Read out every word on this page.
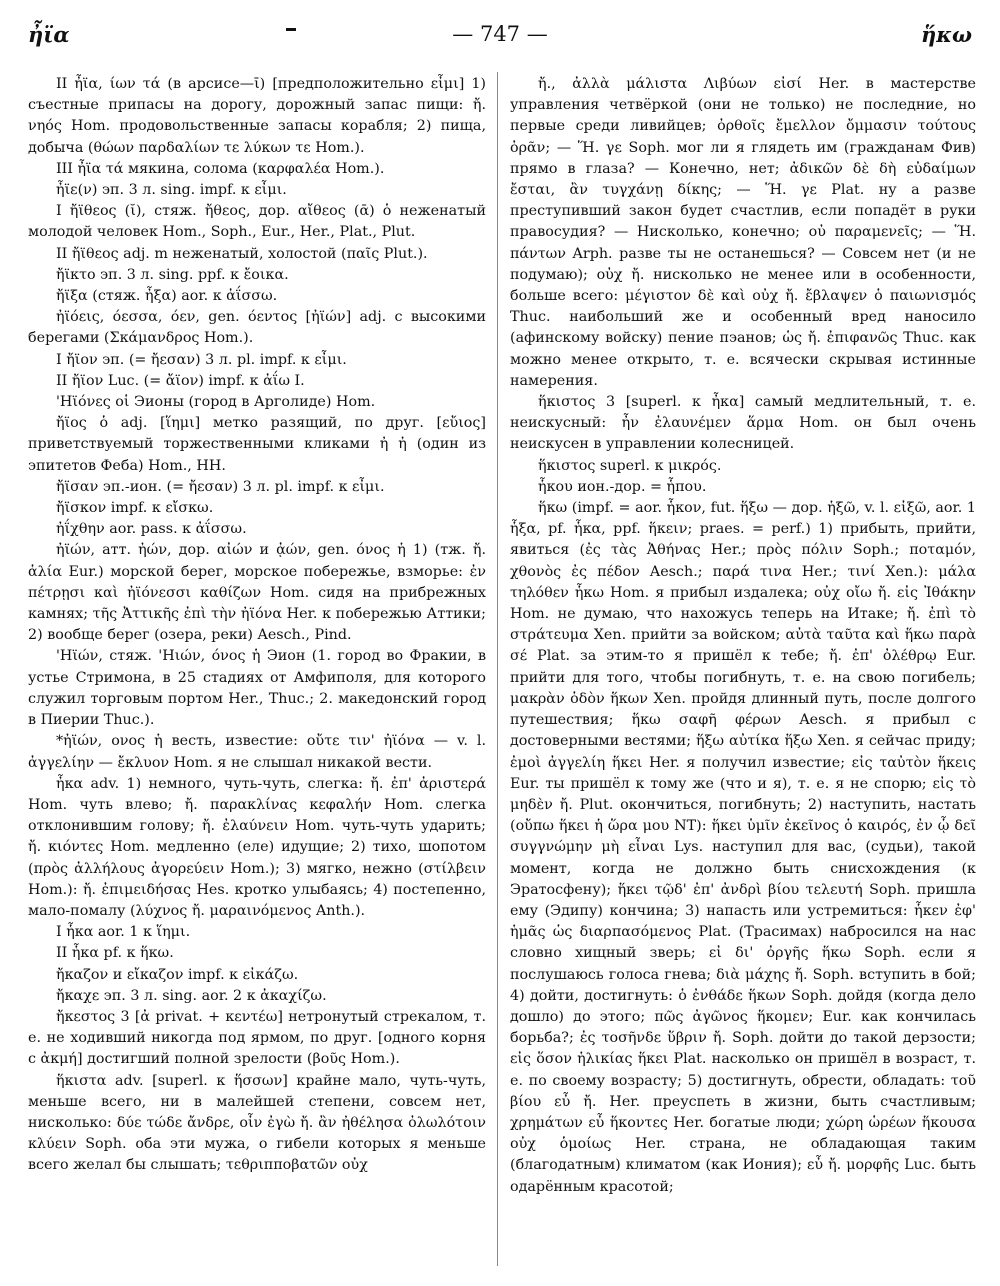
ἦϊα	— 747 —	ἥκω

II ἦϊα, ίων τά (в арсисе—ῑ) [предположительно εἶμι] 1) съестные припасы на дорогу, дорожный запас пищи: ἤ. νηός Hom. продовольственные запасы корабля; 2) пища, добыча (θώων παρδαλίων τε λύκων τε Hom.).

III ἦϊα τά мякина, солома (καρφαλέα Hom.).

ἦϊε(ν) эп. 3 л. sing. impf. к εἶμι.

I ἤϊθεος (ῐ), стяж. ἤθεος, дор. αἴθεος (ᾱ) ὁ неженатый молодой человек Hom., Soph., Eur., Her., Plat., Plut.

II ἤϊθεος adj. m неженатый, холостой (παῖς Plut.).

ἤϊκτο эп. 3 л. sing. ppf. к ἔοικα.

ἤϊξα (стяж. ἦξα) aor. к ἀΐσσω.

ἠϊόεις, όεσσα, όεν, gen. όεντος [ἠϊών] adj. с высокими берегами (Σκάμανδρος Hom.).

I ἤϊον эп. (= ἤεσαν) 3 л. pl. impf. к εἶμι.

II ἤϊον Luc. (= ἄϊον) impf. к ἀΐω I.

'Ηϊόνες οἱ Эионы (город в Арголиде) Hom.

ἤϊος ὁ adj. [ἵημι] метко разящий, по друг. [εὔιος] приветствуемый торжественными кликами ἠ ἠ (один из эпитетов Феба) Hom., HH.

ἤϊσαν эп.-ион. (= ἤεσαν) 3 л. pl. impf. к εἶμι.

ἤϊσκον impf. к εἴσκω.

ἠΐχθην aor. pass. к ἀΐσσω.

ἠϊών, атт. ἠών, дор. αἰών и ᾀών, gen. όνος ἡ 1) (тж. ἤ. ἁλία Eur.) морской берег, морское побережье, взморье: ἐν πέτρῃσι καὶ ἠϊόνεσσι καθίζων Hom. сидя на прибрежных камнях; τῆς Ἀττικῆς ἐπὶ τὴν ἠϊόνα Her. к побережью Аттики; 2) вообще берег (озера, реки) Aesch., Pind.

'Ηϊών, стяж. 'Ηιών, όνος ἡ Эион (1. город во Фракии, в устье Стримона, в 25 стадиях от Амфиполя, для которого служил торговым портом Her., Thuc.; 2. македонский город в Пиерии Thuc.).

*ἠϊών, ονος ἡ весть, известие: οὔτε τιν' ἠϊόνα — v. l. ἀγγελίην — ἔκλυον Hom. я не слышал никакой вести.

ἦκα adv. 1) немного, чуть-чуть, слегка: ἤ. ἐπ' ἀριστερά Hom. чуть влево; ἤ. παρακλίνας κεφαλήν Hom. слегка отклонившим голову; ἤ. ἐλαύνειν Hom. чуть-чуть ударить; ἤ. κιόντες Hom. медленно (еле) идущие; 2) тихо, шопотом (πρὸς ἀλλήλους ἀγορεύειν Hom.); 3) мягко, нежно (στίλβειν Hom.): ἤ. ἐπιμειδήσας Hes. кротко улыбаясь; 4) постепенно, мало-помалу (λύχνος ἤ. μαραινόμενος Anth.).

I ἧκα aor. 1 к ἵημι.

II ἧκα pf. к ἥκω.

ἤκαζον и εἴκαζον impf. к εἰκάζω.

ἤκαχε эп. 3 л. sing. aor. 2 к ἀκαχίζω.

ἤκεστος 3 [ἀ privat. + κεντέω] нетронутый стрекалом, т. е. не ходивший никогда под ярмом, по друг. [одного корня с ἀκμή] достигший полной зрелости (βοῦς Hom.).

ἥκιστα adv. [superl. к ἥσσων] крайне мало, чуть-чуть, меньше всего, ни в малейшей степени, совсем нет, нисколько: δύε τώδε ἄνδρε, οἷν ἐγὼ ἤ. ἂν ἠθέλησα ὀλωλότοιν κλύειν Soph. оба эти мужа, о гибели которых я меньше всего желал бы слышать; τεθριπποβατῶν οὐχ

ἤ., ἀλλὰ μάλιστα Λιβύων εἰσί Her. в мастерстве управления четвёркой (они не только) не последние, но первые среди ливийцев; ὀρθοῖς ἔμελλον ὄμμασιν τούτους ὁρᾶν; — Ἥ. γε Soph. мог ли я глядеть им (гражданам Фив) прямо в глаза? — Конечно, нет; ἀδικῶν δὲ δὴ εὐδαίμων ἔσται, ἂν τυγχάνῃ δίκης; — Ἥ. γε Plat. ну а разве преступивший закон будет счастлив, если попадёт в руки правосудия? — Нисколько, конечно; οὐ παραμενεῖς; — Ἥ. πάντων Arph. разве ты не останешься? — Совсем нет (и не подумаю); οὐχ ἤ. нисколько не менее или в особенности, больше всего: μέγιστον δὲ καὶ οὐχ ἤ. ἔβλαψεν ὁ παιωνισμός Thuc. наибольший же и особенный вред наносило (афинскому войску) пение пэанов; ὡς ἤ. ἐπιφανῶς Thuc. как можно менее открыто, т. е. всячески скрывая истинные намерения.

ἥκιστος 3 [superl. к ἦκα] самый медлительный, т. е. неискусный: ἦν ἐλαυνέμεν ἅρμα Hom. он был очень неискусен в управлении колесницей.

ἥκιστος superl. к μικρός.

ἧκου ион.-дор. = ἧπου.

ἥκω (impf. = aor. ἧκον, fut. ἥξω — дор. ἡξῶ, v. l. εἰξῶ, aor. 1 ἧξα, pf. ἧκα, ppf. ἥκειν; praes. = perf.) 1) прибыть, прийти, явиться (ἐς τὰς Ἀθήνας Her.; πρὸς πόλιν Soph.; ποταμόν, χθονὸς ἐς πέδον Aesch.; παρά τινα Her.; τινί Xen.): μάλα τηλόθεν ἧκω Hom. я прибыл издалека; οὐχ οἴω ἤ. εἰς Ἰθάκην Hom. не думаю, что нахожусь теперь на Итаке; ἤ. ἐπὶ τὸ στράτευμα Xen. прийти за войском; αὐτὰ ταῦτα καὶ ἥκω παρὰ σέ Plat. за этим-то я пришёл к тебе; ἤ. ἐπ' ὀλέθρῳ Eur. прийти для того, чтобы погибнуть, т. е. на свою погибель; μακρὰν ὁδὸν ἥκων Xen. пройдя длинный путь, после долгого путешествия; ἥκω σαφῆ φέρων Aesch. я прибыл с достоверными вестями; ἥξω αὐτίκα ἥξω Xen. я сейчас приду; ἐμοὶ ἀγγελίη ἥκει Her. я получил известие; εἰς ταὐτὸν ἥκεις Eur. ты пришёл к тому же (что и я), т. е. я не спорю; εἰς τὸ μηδὲν ἤ. Plut. окончиться, погибнуть; 2) наступить, настать (οὔπω ἥκει ἡ ὥρα μου NT): ἥκει ὑμῖν ἐκεῖνος ὁ καιρός, ἐν ᾧ δεῖ συγγνώμην μὴ εἶναι Lys. наступил для вас, (судьи), такой момент, когда не должно быть снисхождения (к Эратосфену); ἥκει τῷδ' ἐπ' ἀνδρὶ βίου τελευτή Soph. пришла ему (Эдипу) кончина; 3) напасть или устремиться: ἧκεν ἐφ' ἡμᾶς ὡς διαρπασόμενος Plat. (Трасимах) набросился на нас словно хищный зверь; εἰ δι' ὀργῆς ἥκω Soph. если я послушаюсь голоса гнева; διὰ μάχης ἤ. Soph. вступить в бой; 4) дойти, достигнуть: ὁ ἐνθάδε ἥκων Soph. дойдя (когда дело дошло) до этого; πῶς ἀγῶνος ἥκομεν; Eur. как кончилась борьба?; ἐς τοσῆνδε ὕβριν ἤ. Soph. дойти до такой дерзости; εἰς ὅσον ἡλικίας ἥκει Plat. насколько он пришёл в возраст, т. е. по своему возрасту; 5) достигнуть, обрести, обладать: τοῦ βίου εὖ ἤ. Her. преуспеть в жизни, быть счастливым; χρημάτων εὖ ἥκοντες Her. богатые люди; χώρη ὡρέων ἥκουσα οὐχ ὁμοίως Her. страна, не обладающая таким (благодатным) климатом (как Иония); εὖ ἤ. μορφῆς Luc. быть одарённым красотой;
